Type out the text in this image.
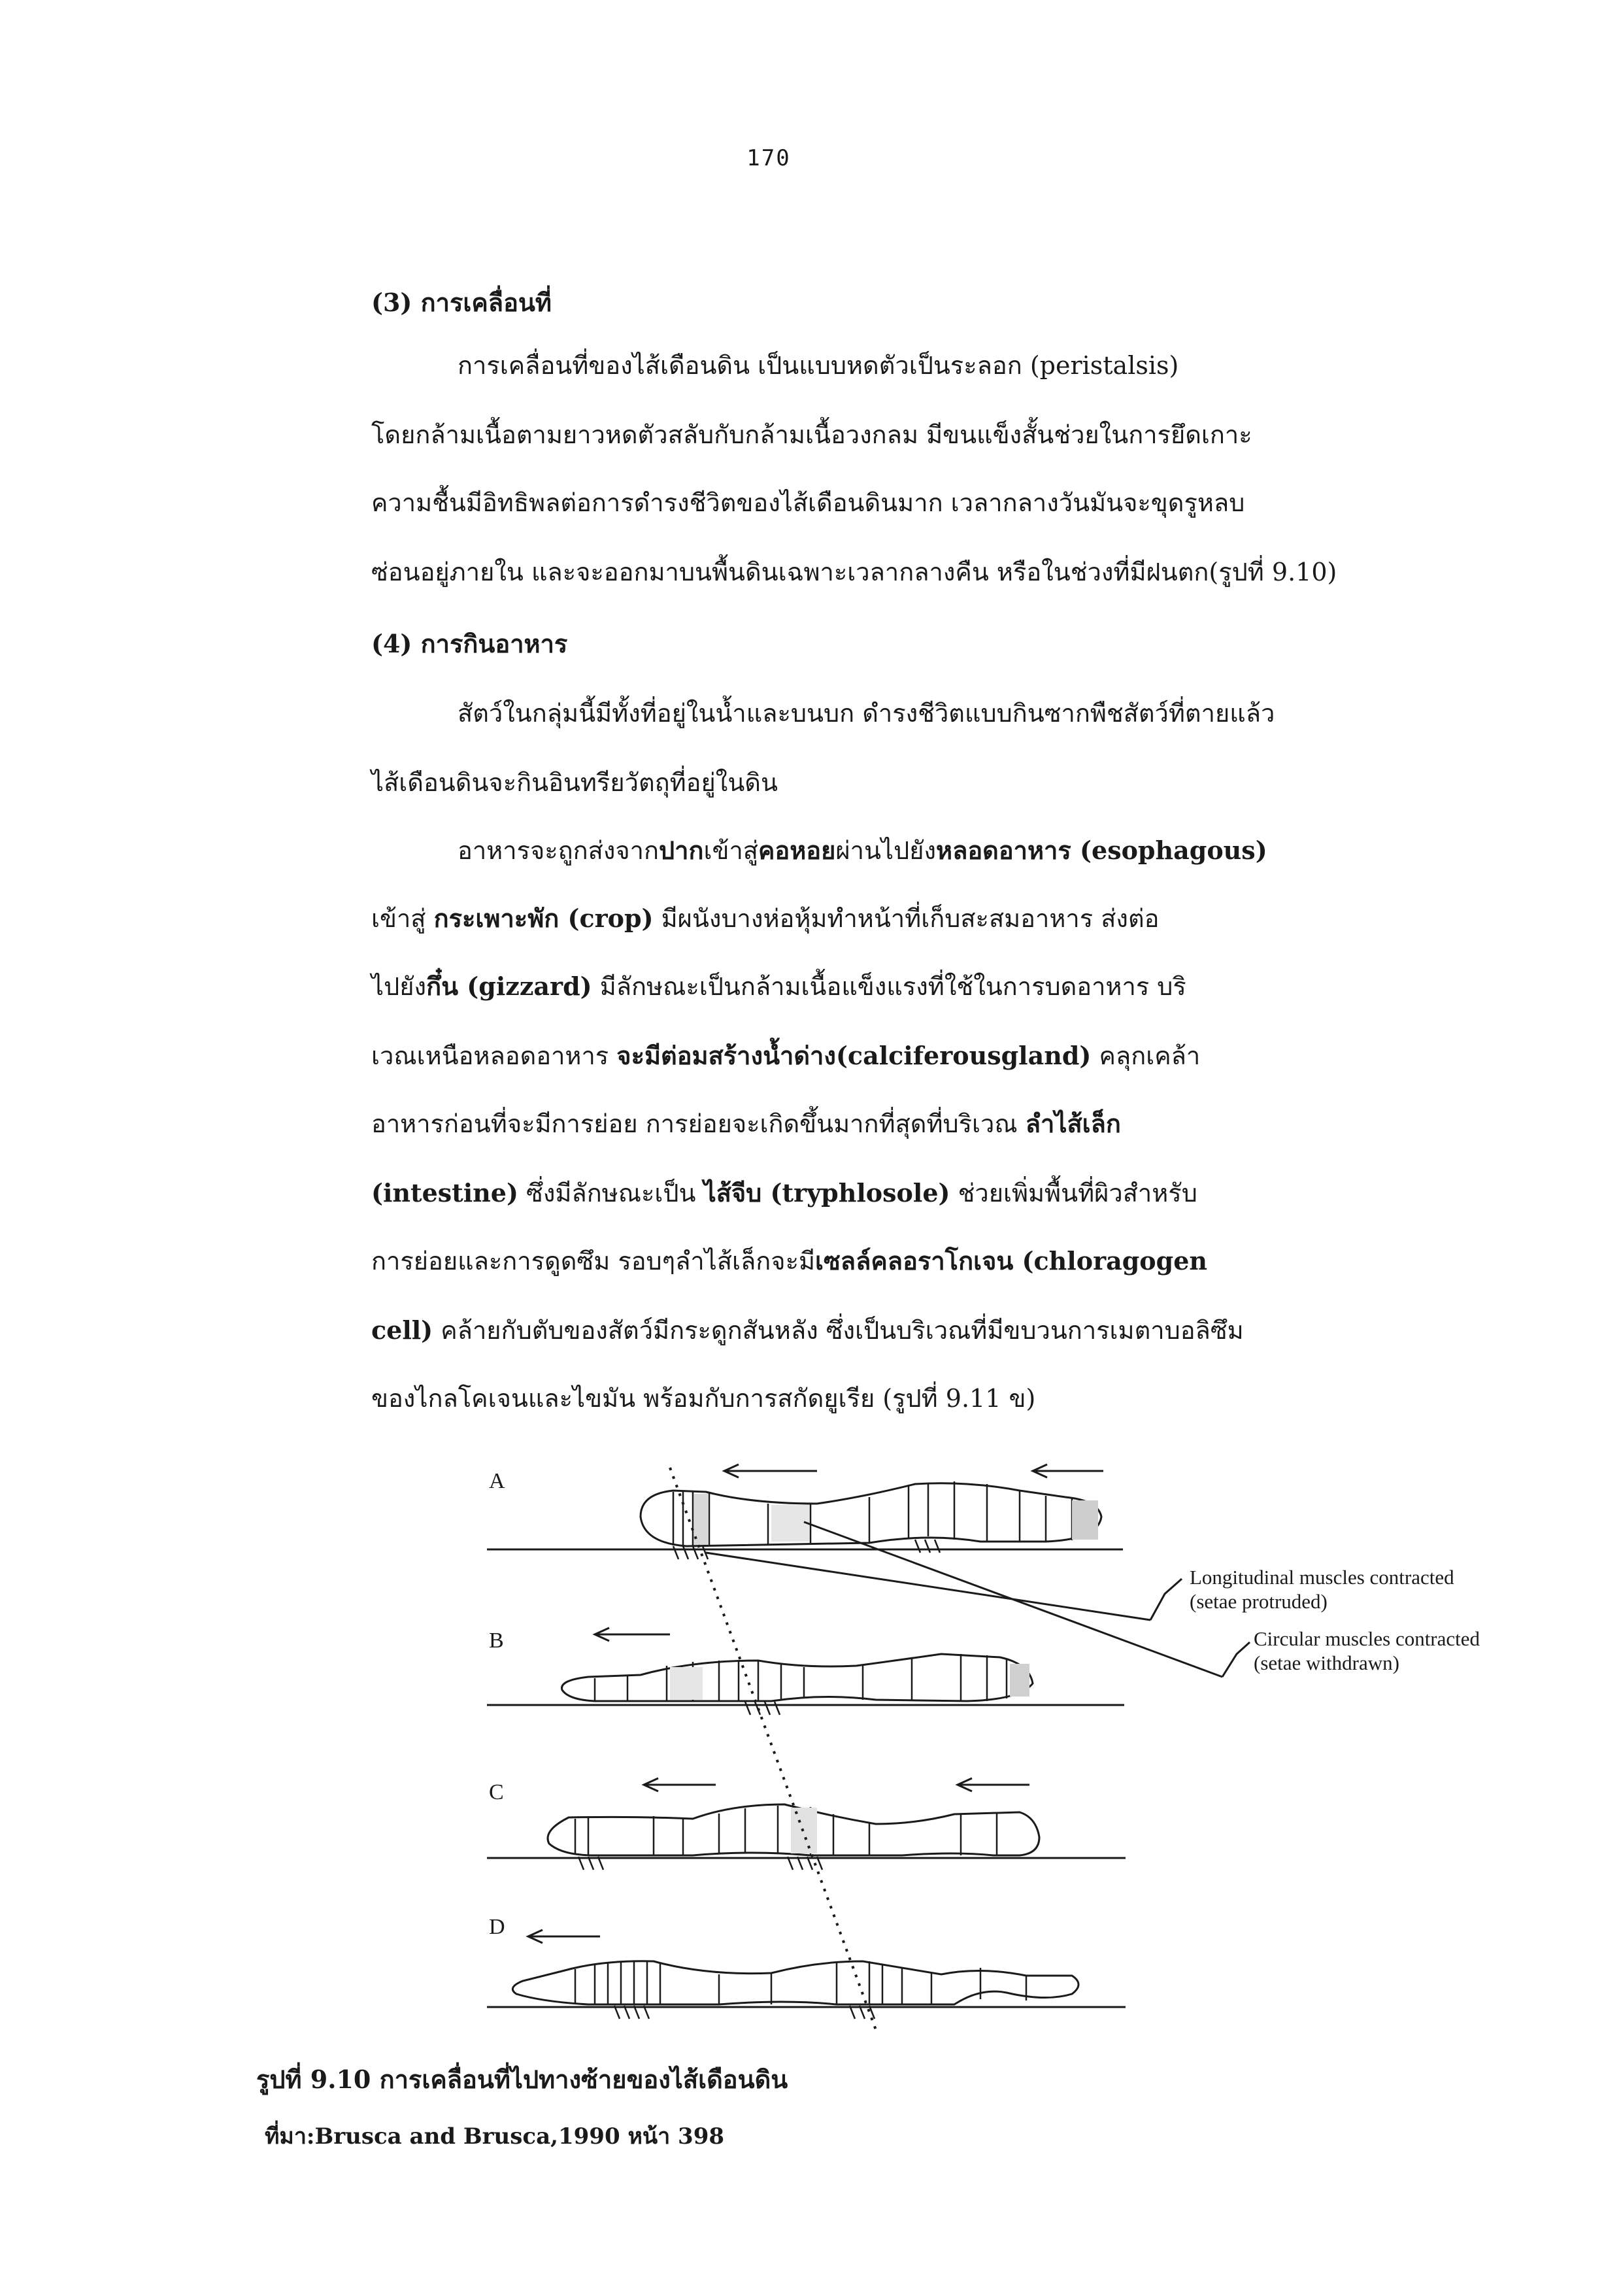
170
(3) การเคลื่อนที่
การเคลื่อนที่ของไส้เดือนดิน เป็นแบบหดตัวเป็นระลอก (peristalsis)
โดยกล้ามเนื้อตามยาวหดตัวสลับกับกล้ามเนื้อวงกลม มีขนแข็งสั้นช่วยในการยึดเกาะ
ความชื้นมีอิทธิพลต่อการดำรงชีวิตของไส้เดือนดินมาก เวลากลางวันมันจะขุดรูหลบ
ซ่อนอยู่ภายใน และจะออกมาบนพื้นดินเฉพาะเวลากลางคืน หรือในช่วงที่มีฝนตก(รูปที่ 9.10)
(4) การกินอาหาร
สัตว์ในกลุ่มนี้มีทั้งที่อยู่ในน้ำและบนบก ดำรงชีวิตแบบกินซากพืชสัตว์ที่ตายแล้ว
ไส้เดือนดินจะกินอินทรียวัตถุที่อยู่ในดิน
อาหารจะถูกส่งจากปากเข้าสู่คอหอยผ่านไปยังหลอดอาหาร (esophagous)
เข้าสู่ กระเพาะพัก (crop) มีผนังบางห่อหุ้มทำหน้าที่เก็บสะสมอาหาร ส่งต่อ
ไปยังกึ๋น (gizzard) มีลักษณะเป็นกล้ามเนื้อแข็งแรงที่ใช้ในการบดอาหาร บริ
เวณเหนือหลอดอาหาร จะมีต่อมสร้างน้ำด่าง(calciferousgland) คลุกเคล้า
อาหารก่อนที่จะมีการย่อย การย่อยจะเกิดขึ้นมากที่สุดที่บริเวณ ลำไส้เล็ก
(intestine) ซึ่งมีลักษณะเป็น ไส้จีบ (tryphlosole) ช่วยเพิ่มพื้นที่ผิวสำหรับ
การย่อยและการดูดซึม รอบๆลำไส้เล็กจะมีเซลล์คลอราโกเจน (chloragogen
cell) คล้ายกับตับของสัตว์มีกระดูกสันหลัง ซึ่งเป็นบริเวณที่มีขบวนการเมตาบอลิซึม
ของไกลโคเจนและไขมัน พร้อมกับการสกัดยูเรีย (รูปที่ 9.11 ข)
A
B
C
D
Longitudinal muscles contracted
(setae protruded)
Circular muscles contracted
(setae withdrawn)
รูปที่ 9.10 การเคลื่อนที่ไปทางซ้ายของไส้เดือนดิน
ที่มา:Brusca and Brusca,1990 หน้า 398
